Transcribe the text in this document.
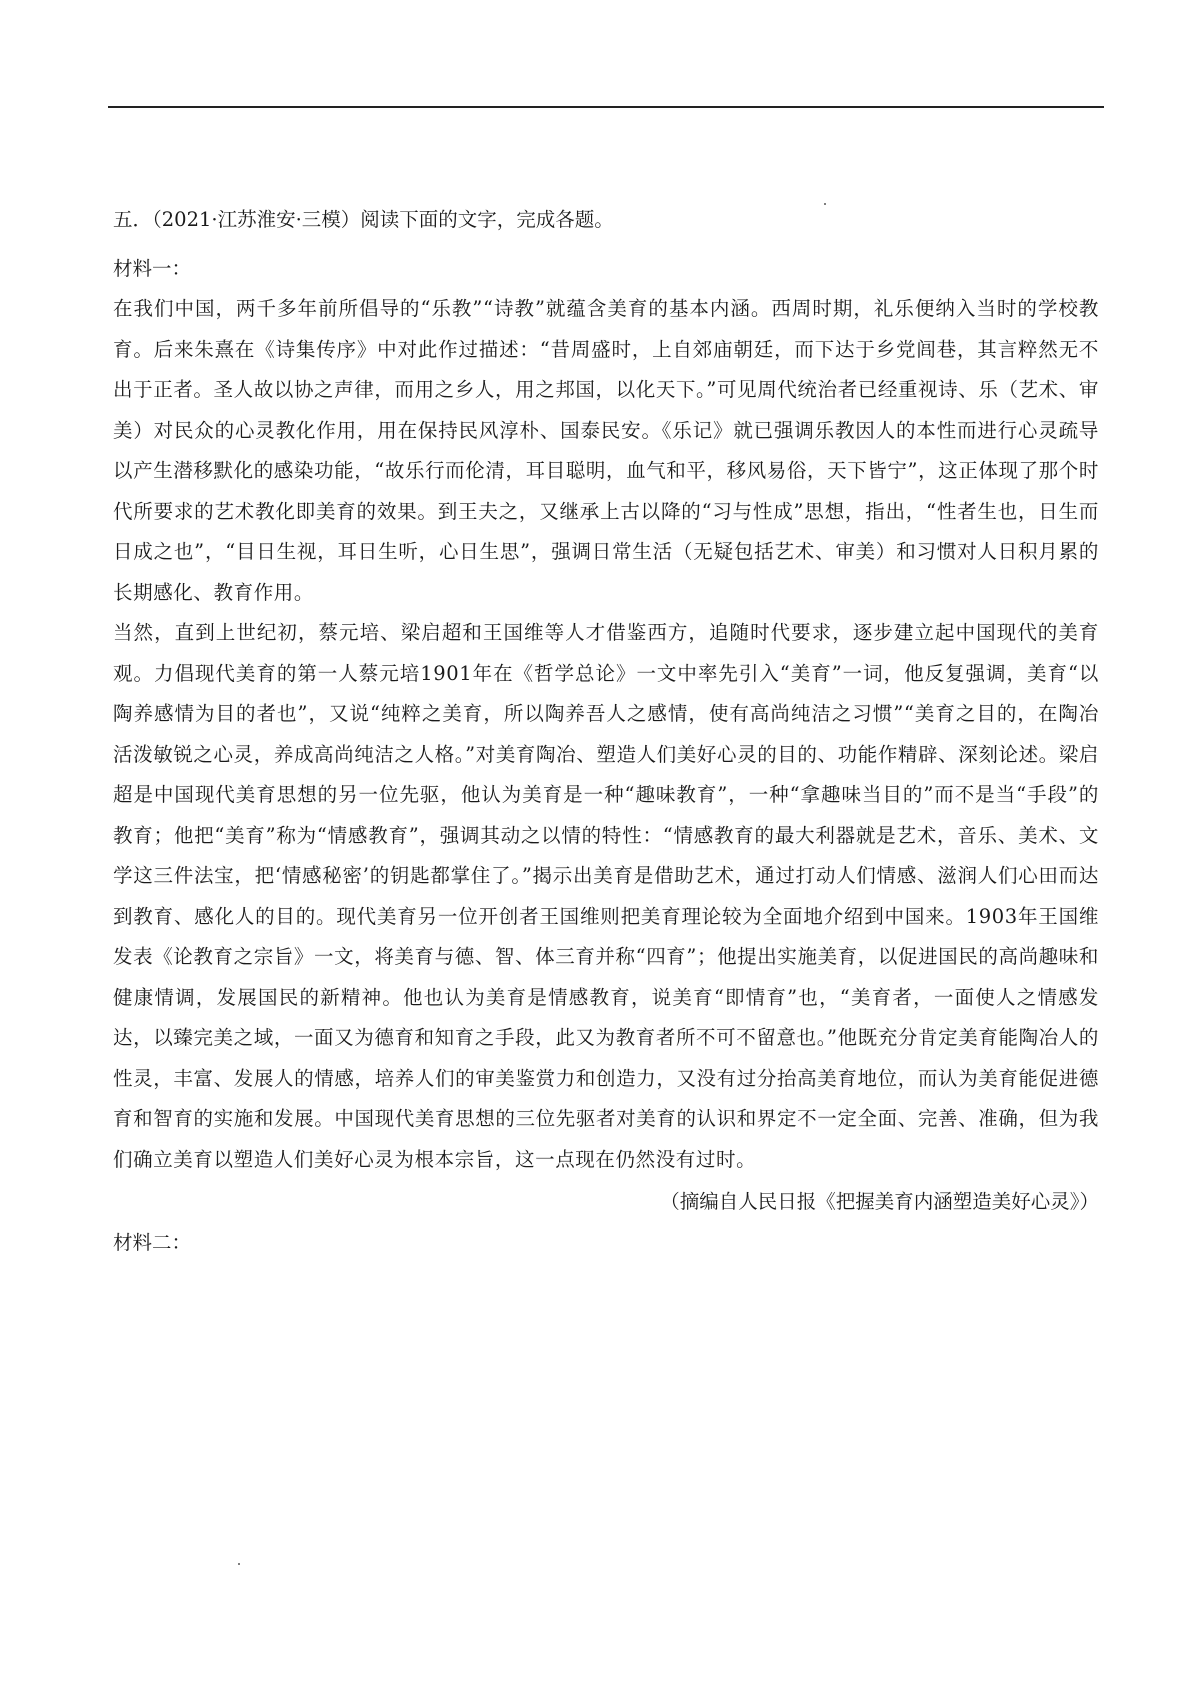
五．（2021·江苏淮安·三模）阅读下面的文字，完成各题。

材料一：

在我们中国，两千多年前所倡导的“乐教”“诗教”就蕴含美育的基本内涵。西周时期，礼乐便纳入当时的学校教育。后来朱熹在《诗集传序》中对此作过描述：“昔周盛时，上自郊庙朝廷，而下达于乡党闾巷，其言粹然无不出于正者。圣人故以协之声律，而用之乡人，用之邦国，以化天下。”可见周代统治者已经重视诗、乐（艺术、审美）对民众的心灵教化作用，用在保持民风淳朴、国泰民安。《乐记》就已强调乐教因人的本性而进行心灵疏导以产生潜移默化的感染功能，“故乐行而伦清，耳目聪明，血气和平，移风易俗，天下皆宁”，这正体现了那个时代所要求的艺术教化即美育的效果。到王夫之，又继承上古以降的“习与性成”思想，指出，“性者生也，日生而日成之也”，“目日生视，耳日生听，心日生思”，强调日常生活（无疑包括艺术、审美）和习惯对人日积月累的长期感化、教育作用。

当然，直到上世纪初，蔡元培、梁启超和王国维等人才借鉴西方，追随时代要求，逐步建立起中国现代的美育观。力倡现代美育的第一人蔡元培1901年在《哲学总论》一文中率先引入“美育”一词，他反复强调，美育“以陶养感情为目的者也”，又说“纯粹之美育，所以陶养吾人之感情，使有高尚纯洁之习惯”“美育之目的，在陶冶活泼敏锐之心灵，养成高尚纯洁之人格。”对美育陶冶、塑造人们美好心灵的目的、功能作精辟、深刻论述。梁启超是中国现代美育思想的另一位先驱，他认为美育是一种“趣味教育”，一种“拿趣味当目的”而不是当“手段”的教育；他把“美育”称为“情感教育”，强调其动之以情的特性：“情感教育的最大利器就是艺术，音乐、美术、文学这三件法宝，把‘情感秘密’的钥匙都掌住了。”揭示出美育是借助艺术，通过打动人们情感、滋润人们心田而达到教育、感化人的目的。现代美育另一位开创者王国维则把美育理论较为全面地介绍到中国来。1903年王国维发表《论教育之宗旨》一文，将美育与德、智、体三育并称“四育”；他提出实施美育，以促进国民的高尚趣味和健康情调，发展国民的新精神。他也认为美育是情感教育，说美育“即情育”也，“美育者，一面使人之情感发达，以臻完美之域，一面又为德育和知育之手段，此又为教育者所不可不留意也。”他既充分肯定美育能陶冶人的性灵，丰富、发展人的情感，培养人们的审美鉴赏力和创造力，又没有过分抬高美育地位，而认为美育能促进德育和智育的实施和发展。中国现代美育思想的三位先驱者对美育的认识和界定不一定全面、完善、准确，但为我们确立美育以塑造人们美好心灵为根本宗旨，这一点现在仍然没有过时。

（摘编自人民日报《把握美育内涵塑造美好心灵》）

材料二：
